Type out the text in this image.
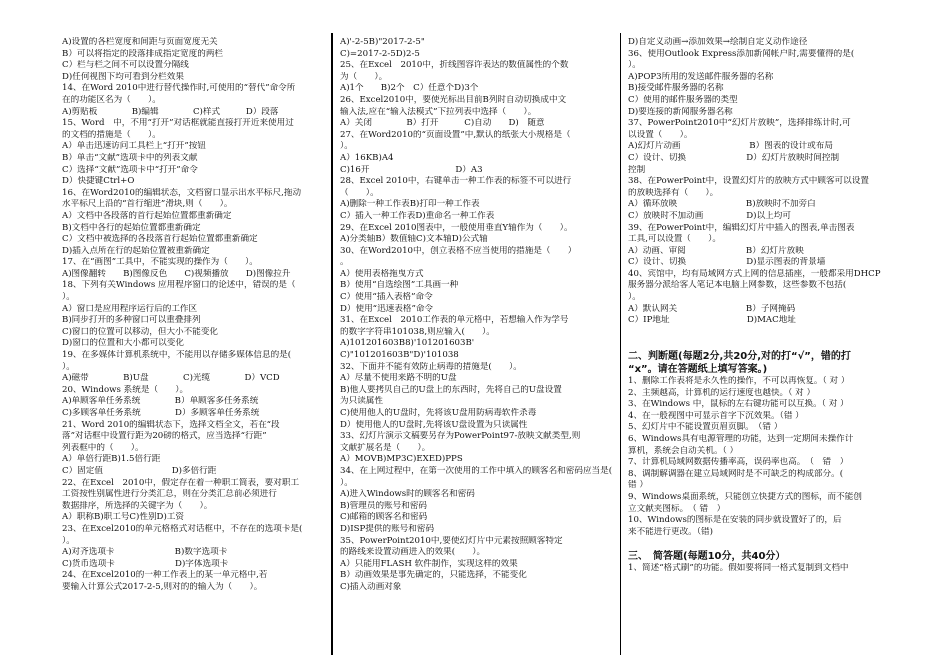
A)设置的各栏宽度和间距与页面宽度无关
B）可以将指定的段落排成指定宽度的两栏
C）栏与栏之间不可以设置分隔线
D)任何视图下均可看到分栏效果
14、在Word 2010中进行替代操作时,可使用的“替代”命令所
在的功能区名为（　　）。
A)剪贴板　　　　B)编辑　　　　C)样式　　　D）段落
15、Word　中，不用“打开”对话框就能直接打开近来使用过
的文档的措施是（　　）。
A）单击迅速访问工具栏上“打开”按钮
B）单击“文献”选项卡中的列表文献
C）选择“文献”选项卡中“打开”命令
D）快捷键Ctrl+O
16、在Word2010的编辑状态，文档窗口显示出水平标尺,拖动
水平标尺上沿的“首行缩进”滑块,则（　　）。
A）文档中各段落的首行起始位置都重新确定
B)文档中各行的起始位置都重新确定
C）文档中被选择的各段落首行起始位置都重新确定
D)插入点所在行的起始位置被重新确定
17、在“画图”工具中，不能实现的操作为（　　）。
A)图像翻转　　B)图像反色　　C)视频播放　　D)图像拉升
18、下列有关Windows 应用程序窗口的论述中，错误的是（
）。
A）窗口是应用程序运行后的工作区
B)同步打开的多种窗口可以重叠排列
C)窗口的位置可以移动，但大小不能变化
D)窗口的位置和大小都可以变化
19、在多媒体计算机系统中，不能用以存储多媒体信息的是(
）。
A)磁带　　　　B)U盘　　　　C)光缆　　　　D）VCD
20、Windows 系统是（　　）。
A)单顾客单任务系统　　　　B）单顾客多任务系统
C)多顾客单任务系统　　　　D）多顾客单任务系统
21、Word 2010的编辑状态下，选择文档全文，若在“段
落”对话框中设置行距为20磅的格式，应当选择“行距”
列表框中的（　　）。
A）单倍行距B)1.5倍行距
C）固定值　　　　　　　　D)多倍行距
22、在Excel　2010中，假定存在着一种职工简表，要对职工
工资按性别属性进行分类汇总，则在分类汇总前必须进行
数据排序，所选择的关键字为（　　）。
A）职称B)职工号C)性别D)工资
23、在Excel2010的单元格格式对话框中，不存在的选项卡是(
）。
A)对齐选项卡　　　　　　　B)数字选项卡
C)货币选项卡　　　　　　　D)字体选项卡
24、在Excel2010的一种工作表上的某一单元格中,若
要输入计算公式2017-2-5,则对的的输入为（　　）。
A)'-2-5B)"2017-2-5"
C)=2017-2-5D)2-5
25、在Excel　2010中，折线图容许表达的数值属性的个数
为（　　）。
A)1个　　B)2个　C）任意个D)3个
26、Excel2010中，要使光标出目前B列时自动切换成中文
输入法,应在“输入法模式”下拉列表中选择（　　）。
A）关闭　　　　B）打开　　　C)自动　　D)　随意
27、在Word2010的“页面设置”中,默认的纸张大小规格是（
）。
A）16KB)A4
C)16开　　　　　　　　　　D）A3
28、Excel 2010中，右键单击一种工作表的标签不可以进行
（　　）。
A)删除一种工作表B)打印一种工作表
C）插入一种工作表D)重命名一种工作表
29、在Excel 2010图表中，一般使用垂直Y轴作为（　　）。
A)分类轴B）数值轴C)文本轴D)公式轴
30、在Word2010中，创立表格不应当使用的措施是（　　）
。
A）使用表格拖曳方式
B）使用“自选绘图”工具画一种
C）使用“插入表格”命令
D）使用“迅速表格”命令
31、在Excel　2010工作表的单元格中，若想输入作为学号
的数字字符串101038,则应输入(　　）。
A)101201603B8)'101201603B'
C)"101201603B"D)'101038
32、下面并不能有效防止病毒的措施是(　　）。
A）尽量不使用来路不明的U盘
B)他人要拷贝自己的U盘上的东西时，先将自己的U盘设置
为只读属性
C)使用他人的U盘时，先将该U盘用防病毒软件杀毒
D）使用他人的U盘时,先将该U盘设置为只读属性
33、幻灯片演示文稿要另存为PowerPoint97-放映文献类型,则
文献扩展名是（　　）。
A）MOVB)MP3C)EXED)PPS
34、在上网过程中，在第一次使用的工作中填入的顾客名和密码应当是(
）。
A)进入Windows时的顾客名和密码
B)管理员的账号和密码
C)邮箱的顾客名和密码
D)ISP提供的账号和密码
35、PowerPoint2010中,要使幻灯片中元素按照顾客特定
的路线来设置动画进入的效果(　　）。
A）只能用FLASH 软件制作，实现这样的效果
B）动画效果是事先确定的，只能选择，不能变化
C)插入动画对象
D)自定义动画→添加效果→绘制自定义动作途径
36、使用Outlook Express添加新闻帐户时,需要懂得的是(
）。
A)POP3所用的发送邮件服务器的名称
B)接受邮件服务器的名称
C）使用的邮件服务器的类型
D)要连接的新闻服务器名称
37、PowerPoint2010中“幻灯片放映”，选择排练计时,可
以设置（　　）。
A)幻灯片动画　　　　　　　　B）图表的设计或布局
C）设计、切换　　　　　　　D）幻灯片放映时间控制
控制
38、在PowerPoint中，设置幻灯片的放映方式中顾客可以设置
的放映选择有（　　）。
A）循环放映　　　　　　　　B)放映时不加旁白
C）放映时不加动画　　　　　D)以上均可
39、在PowerPoint中，编辑幻灯片中插入的图表,单击图表
工具,可以设置（　　）。
A）动画、审阅　　　　　　　B）幻灯片放映
C）设计、切换　　　　　　　D)显示图表的背景墙
40、宾馆中，均有局域网方式上网的信息插座，一般都采用DHCP
服务器分派给客人笔记本电脑上网参数，这些参数不包括(
）。
A）默认网关　　　　　　　　B）子网掩码
C）IP地址　　　　　　　　　D)MAC地址
二、判断题(每题2分,共20分,对的打“√”，错的打
“x”。请在答题纸上填写答案。)
1、删除工作表将是永久性的操作，不可以再恢复。（ 对 ）
2、主频越高，计算机的运行速度也越快。（ 对 ）
3、在Windows 中，鼠标的左右键功能可以互换。（ 对 ）
4、在一般视图中可显示首字下沉效果。（错 ）
5、幻灯片中不能设置页眉页脚。　（错 ）
6、Windows具有电源管理的功能，达到一定期间未操作计
算机，系统会自动关机。（ ）
7、计算机局域网数据传播率高，误码率也高。　（　错　）
8、调制解调器在建立局域网时是不可缺乏的构成部分。(
错 ）
9、Windows桌面系统，只能创立快捷方式的图标，而不能创
立文献夹图标。　（ 错　）
10、Windows的图标是在安装的同步就设置好了的，后
来不能进行更改。（错)
三、　简答题(每题10分，共40分）
1、简述“格式刷”的功能。假如要将同一格式复制到文档中
